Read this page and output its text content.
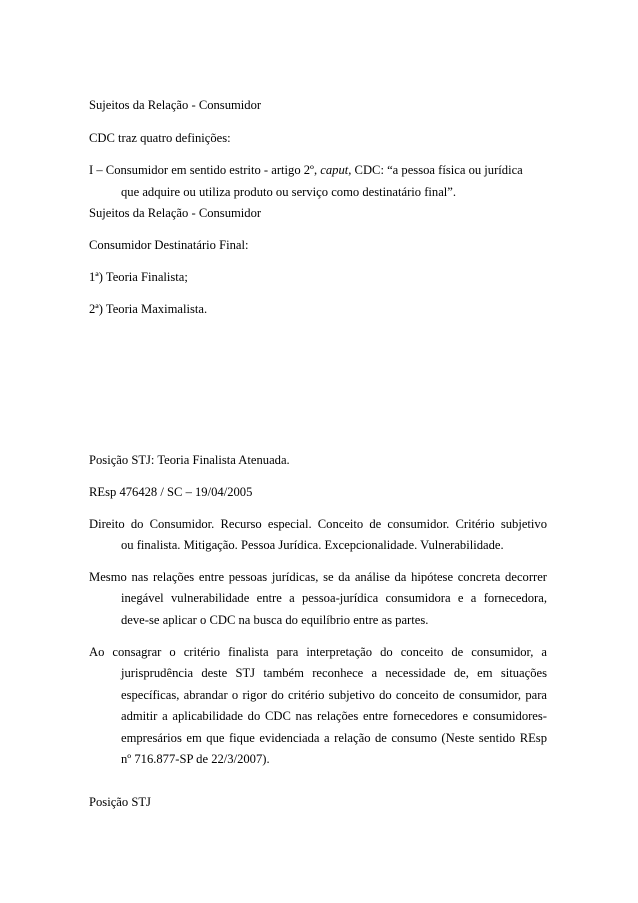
Sujeitos da Relação - Consumidor
CDC traz quatro definições:
I – Consumidor em sentido estrito - artigo 2º, caput, CDC: “a pessoa física ou jurídica
que adquire ou utiliza produto ou serviço como destinatário final”.
Sujeitos da Relação - Consumidor
Consumidor Destinatário Final:
1ª) Teoria Finalista;
2ª) Teoria Maximalista.
Posição STJ: Teoria Finalista Atenuada.
REsp 476428 / SC – 19/04/2005
Direito do Consumidor. Recurso especial. Conceito de consumidor. Critério subjetivo
ou finalista. Mitigação. Pessoa Jurídica. Excepcionalidade. Vulnerabilidade.
Mesmo nas relações entre pessoas jurídicas, se da análise da hipótese concreta decorrer
inegável vulnerabilidade entre a pessoa-jurídica consumidora e a fornecedora,
deve-se aplicar o CDC na busca do equilíbrio entre as partes.
Ao consagrar o critério finalista para interpretação do conceito de consumidor, a
jurisprudência deste STJ também reconhece a necessidade de, em situações
específicas, abrandar o rigor do critério subjetivo do conceito de consumidor, para
admitir a aplicabilidade do CDC nas relações entre fornecedores e consumidores-
empresários em que fique evidenciada a relação de consumo (Neste sentido REsp
nº 716.877-SP de 22/3/2007).
Posição STJ
